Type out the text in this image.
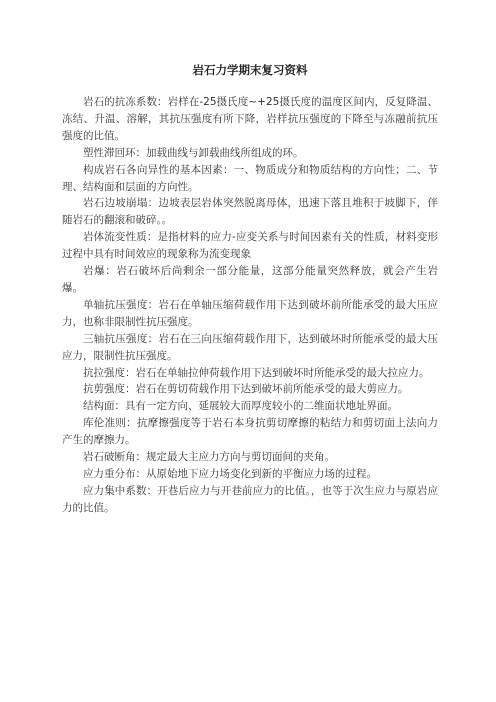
岩石力学期末复习资料

岩石的抗冻系数：岩样在-25摄氏度~+25摄氏度的温度区间内，反复降温、冻结、升温、溶解，其抗压强度有所下降，岩样抗压强度的下降至与冻融前抗压强度的比值。

塑性滞回环：加载曲线与卸载曲线所组成的环。

构成岩石各向异性的基本因素：一、物质成分和物质结构的方向性；二、节理、结构面和层面的方向性。

岩石边坡崩塌：边坡表层岩体突然脱离母体，迅速下落且堆积于坡脚下，伴随岩石的翻滚和破碎。。

岩体流变性质：是指材料的应力-应变关系与时间因素有关的性质，材料变形过程中具有时间效应的现象称为流变现象

岩爆：岩石破坏后尚剩余一部分能量，这部分能量突然释放，就会产生岩爆。

单轴抗压强度：岩石在单轴压缩荷载作用下达到破坏前所能承受的最大压应力，也称非限制性抗压强度。

三轴抗压强度：岩石在三向压缩荷载作用下，达到破坏时所能承受的最大压应力，限制性抗压强度。

抗拉强度：岩石在单轴拉伸荷载作用下达到破坏时所能承受的最大拉应力。

抗剪强度：岩石在剪切荷载作用下达到破坏前所能承受的最大剪应力。

结构面：具有一定方向、延展较大而厚度较小的二维面状地址界面。

库伦准则：抗摩擦强度等于岩石本身抗剪切摩擦的粘结力和剪切面上法向力产生的摩擦力。

岩石破断角：规定最大主应力方向与剪切面间的夹角。

应力重分布：从原始地下应力场变化到新的平衡应力场的过程。

应力集中系数：开巷后应力与开巷前应力的比值。，也等于次生应力与原岩应力的比值。
